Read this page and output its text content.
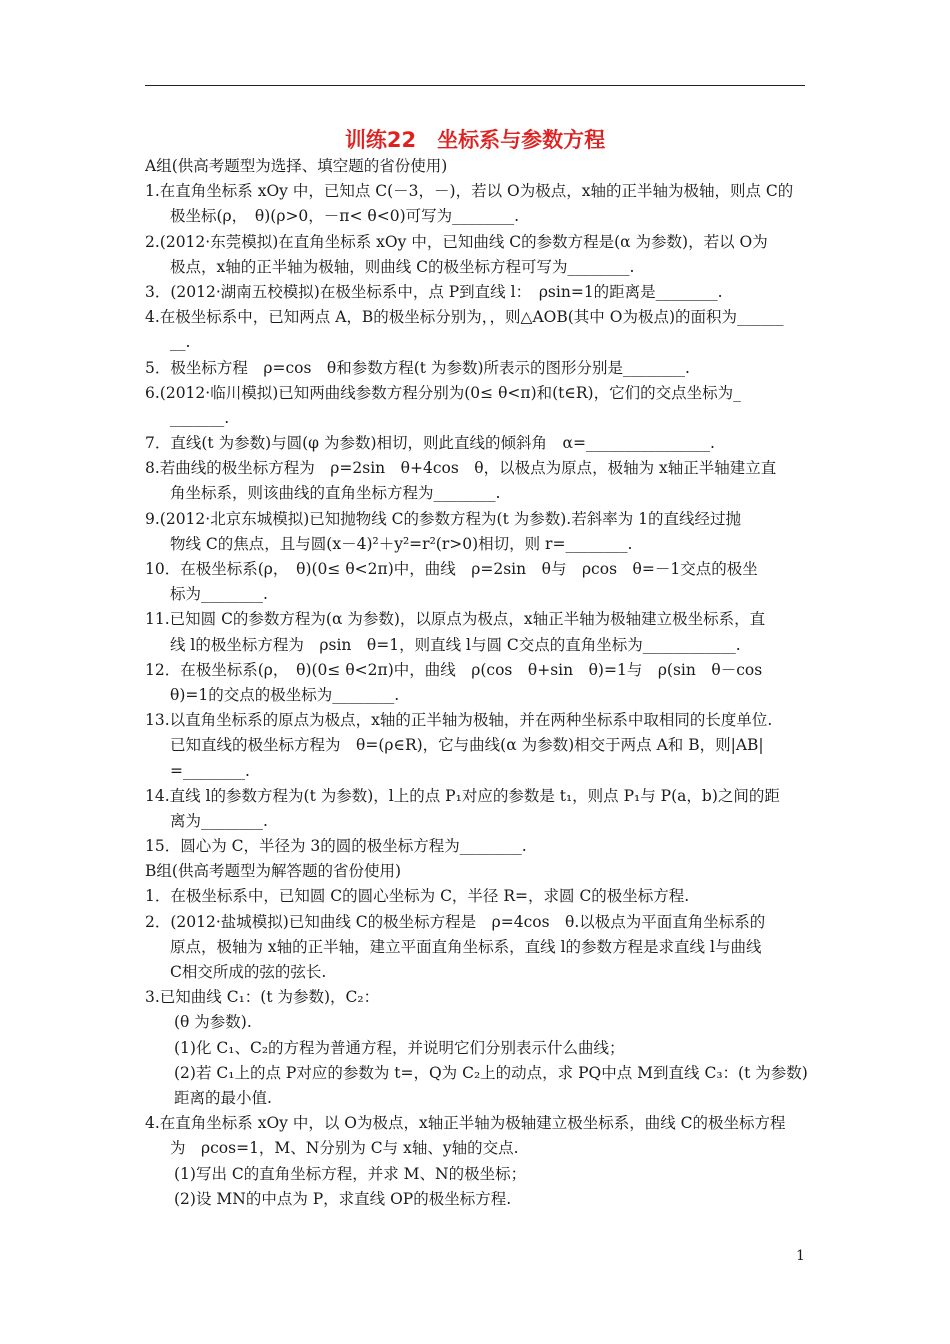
训练22　坐标系与参数方程
A组(供高考题型为选择、填空题的省份使用)
1.在直角坐标系 xOy 中，已知点 C(－3，－)，若以 O为极点，x轴的正半轴为极轴，则点 C的
极坐标(ρ，　θ)(ρ>0，－π< θ<0)可写为________.
2.(2012·东莞模拟)在直角坐标系 xOy 中，已知曲线 C的参数方程是(α 为参数)，若以 O为
极点，x轴的正半轴为极轴，则曲线 C的极坐标方程可写为________.
3．(2012·湖南五校模拟)在极坐标系中，点 P到直线 l：　ρsin=1的距离是________.
4.在极坐标系中，已知两点 A，B的极坐标分别为，，则△AOB(其中 O为极点)的面积为______
__.
5．极坐标方程　ρ=cos　θ和参数方程(t 为参数)所表示的图形分别是________.
6.(2012·临川模拟)已知两曲线参数方程分别为(0≤ θ<π)和(t∈R)，它们的交点坐标为_
_______.
7．直线(t 为参数)与圆(φ 为参数)相切，则此直线的倾斜角　α=________________.
8.若曲线的极坐标方程为　ρ=2sin　θ+4cos　θ，以极点为原点，极轴为 x轴正半轴建立直
角坐标系，则该曲线的直角坐标方程为________.
9.(2012·北京东城模拟)已知抛物线 C的参数方程为(t 为参数).若斜率为 1的直线经过抛
物线 C的焦点，且与圆(x－4)²＋y²=r²(r>0)相切，则 r=________.
10．在极坐标系(ρ，　θ)(0≤ θ<2π)中，曲线　ρ=2sin　θ与　ρcos　θ=－1交点的极坐
标为________.
11.已知圆 C的参数方程为(α 为参数)，以原点为极点，x轴正半轴为极轴建立极坐标系，直
线 l的极坐标方程为　ρsin　θ=1，则直线 l与圆 C交点的直角坐标为____________.
12．在极坐标系(ρ，　θ)(0≤ θ<2π)中，曲线　ρ(cos　θ+sin　θ)=1与　ρ(sin　θ－cos
θ)=1的交点的极坐标为________.
13.以直角坐标系的原点为极点，x轴的正半轴为极轴，并在两种坐标系中取相同的长度单位.
已知直线的极坐标方程为　θ=(ρ∈R)，它与曲线(α 为参数)相交于两点 A和 B，则|AB|
=________.
14.直线 l的参数方程为(t 为参数)，l上的点 P₁对应的参数是 t₁，则点 P₁与 P(a，b)之间的距
离为________.
15．圆心为 C，半径为 3的圆的极坐标方程为________.
B组(供高考题型为解答题的省份使用)
1．在极坐标系中，已知圆 C的圆心坐标为 C，半径 R=，求圆 C的极坐标方程.
2．(2012·盐城模拟)已知曲线 C的极坐标方程是　ρ=4cos　θ.以极点为平面直角坐标系的
原点，极轴为 x轴的正半轴，建立平面直角坐标系，直线 l的参数方程是求直线 l与曲线
C相交所成的弦的弦长.
3.已知曲线 C₁：(t 为参数)，C₂：
(θ 为参数).
(1)化 C₁、C₂的方程为普通方程，并说明它们分别表示什么曲线；
(2)若 C₁上的点 P对应的参数为 t=，Q为 C₂上的动点，求 PQ中点 M到直线 C₃：(t 为参数)
距离的最小值.
4.在直角坐标系 xOy 中，以 O为极点，x轴正半轴为极轴建立极坐标系，曲线 C的极坐标方程
为　ρcos=1，M、N分别为 C与 x轴、y轴的交点.
(1)写出 C的直角坐标方程，并求 M、N的极坐标；
(2)设 MN的中点为 P，求直线 OP的极坐标方程.
1
